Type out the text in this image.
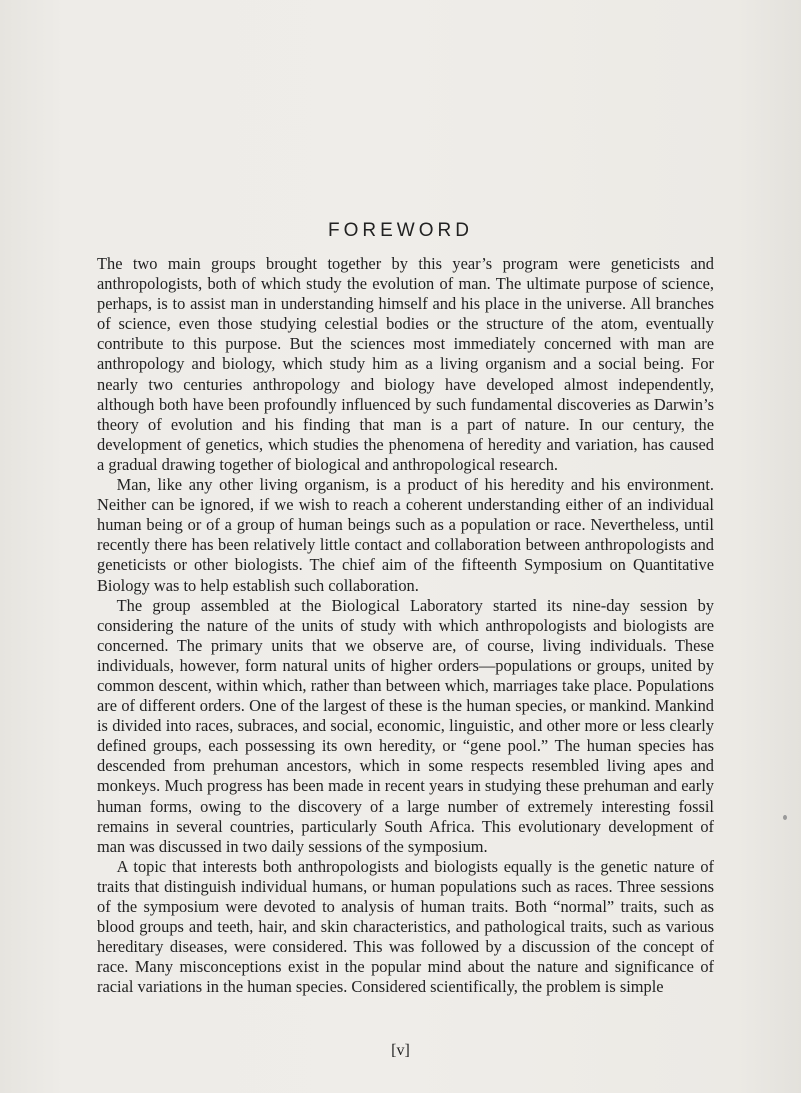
FOREWORD

The two main groups brought together by this year’s program were geneticists and anthropologists, both of which study the evolution of man. The ultimate purpose of science, perhaps, is to assist man in understanding himself and his place in the universe. All branches of science, even those studying celestial bodies or the structure of the atom, eventually contribute to this purpose. But the sciences most immediately concerned with man are anthropology and biology, which study him as a living organism and a social being. For nearly two centuries anthropology and biology have developed almost independently, although both have been profoundly influenced by such fundamental discoveries as Darwin’s theory of evolution and his finding that man is a part of nature. In our century, the development of genetics, which studies the phenomena of heredity and variation, has caused a gradual drawing together of biological and anthropological research.

Man, like any other living organism, is a product of his heredity and his environment. Neither can be ignored, if we wish to reach a coherent understanding either of an individual human being or of a group of human beings such as a population or race. Nevertheless, until recently there has been relatively little contact and collaboration between anthropologists and geneticists or other biologists. The chief aim of the fifteenth Symposium on Quantitative Biology was to help establish such collaboration.

The group assembled at the Biological Laboratory started its nine-day session by considering the nature of the units of study with which anthropologists and biologists are concerned. The primary units that we observe are, of course, living individuals. These individuals, however, form natural units of higher orders—populations or groups, united by common descent, within which, rather than between which, marriages take place. Populations are of different orders. One of the largest of these is the human species, or mankind. Mankind is divided into races, subraces, and social, economic, linguistic, and other more or less clearly defined groups, each possessing its own heredity, or “gene pool.” The human species has descended from prehuman ancestors, which in some respects resembled living apes and monkeys. Much progress has been made in recent years in studying these prehuman and early human forms, owing to the discovery of a large number of extremely interesting fossil remains in several countries, particularly South Africa. This evolutionary development of man was discussed in two daily sessions of the symposium.

A topic that interests both anthropologists and biologists equally is the genetic nature of traits that distinguish individual humans, or human populations such as races. Three sessions of the symposium were devoted to analysis of human traits. Both “normal” traits, such as blood groups and teeth, hair, and skin characteristics, and pathological traits, such as various hereditary diseases, were considered. This was followed by a discussion of the concept of race. Many misconceptions exist in the popular mind about the nature and significance of racial variations in the human species. Considered scientifically, the problem is simple

[v]
